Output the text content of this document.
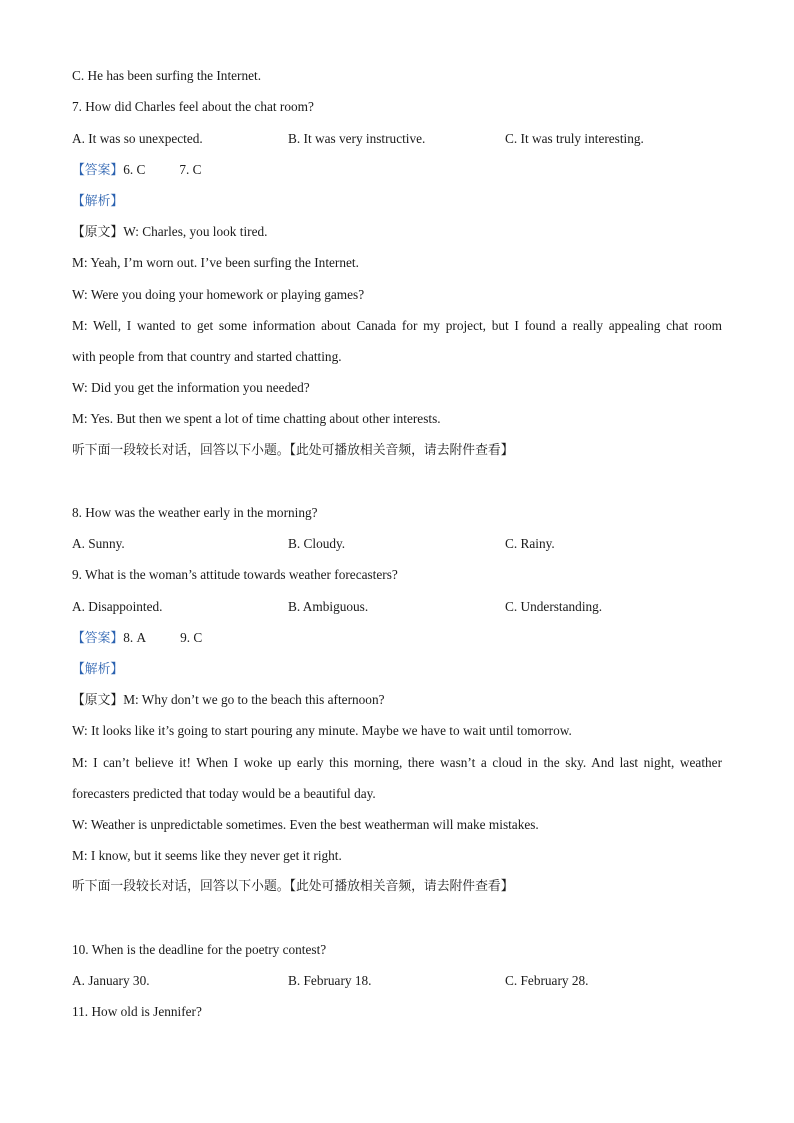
C. He has been surfing the Internet.
7. How did Charles feel about the chat room?
A. It was so unexpected.	B. It was very instructive.	C. It was truly interesting.
【答案】6. C	7. C
【解析】
【原文】W: Charles, you look tired.
M: Yeah, I’m worn out. I’ve been surfing the Internet.
W: Were you doing your homework or playing games?
M: Well, I wanted to get some information about Canada for my project, but I found a really appealing chat room
with people from that country and started chatting.
W: Did you get the information you needed?
M: Yes. But then we spent a lot of time chatting about other interests.
听下面一段较长对话，回答以下小题。【此处可播放相关音频，请去附件查看】
8. How was the weather early in the morning?
A. Sunny.	B. Cloudy.	C. Rainy.
9. What is the woman’s attitude towards weather forecasters?
A. Disappointed.	B. Ambiguous.	C. Understanding.
【答案】8. A	9. C
【解析】
【原文】M: Why don’t we go to the beach this afternoon?
W: It looks like it’s going to start pouring any minute. Maybe we have to wait until tomorrow.
M: I can’t believe it! When I woke up early this morning, there wasn’t a cloud in the sky. And last night, weather
forecasters predicted that today would be a beautiful day.
W: Weather is unpredictable sometimes. Even the best weatherman will make mistakes.
M: I know, but it seems like they never get it right.
听下面一段较长对话，回答以下小题。【此处可播放相关音频，请去附件查看】
10. When is the deadline for the poetry contest?
A. January 30.	B. February 18.	C. February 28.
11. How old is Jennifer?
